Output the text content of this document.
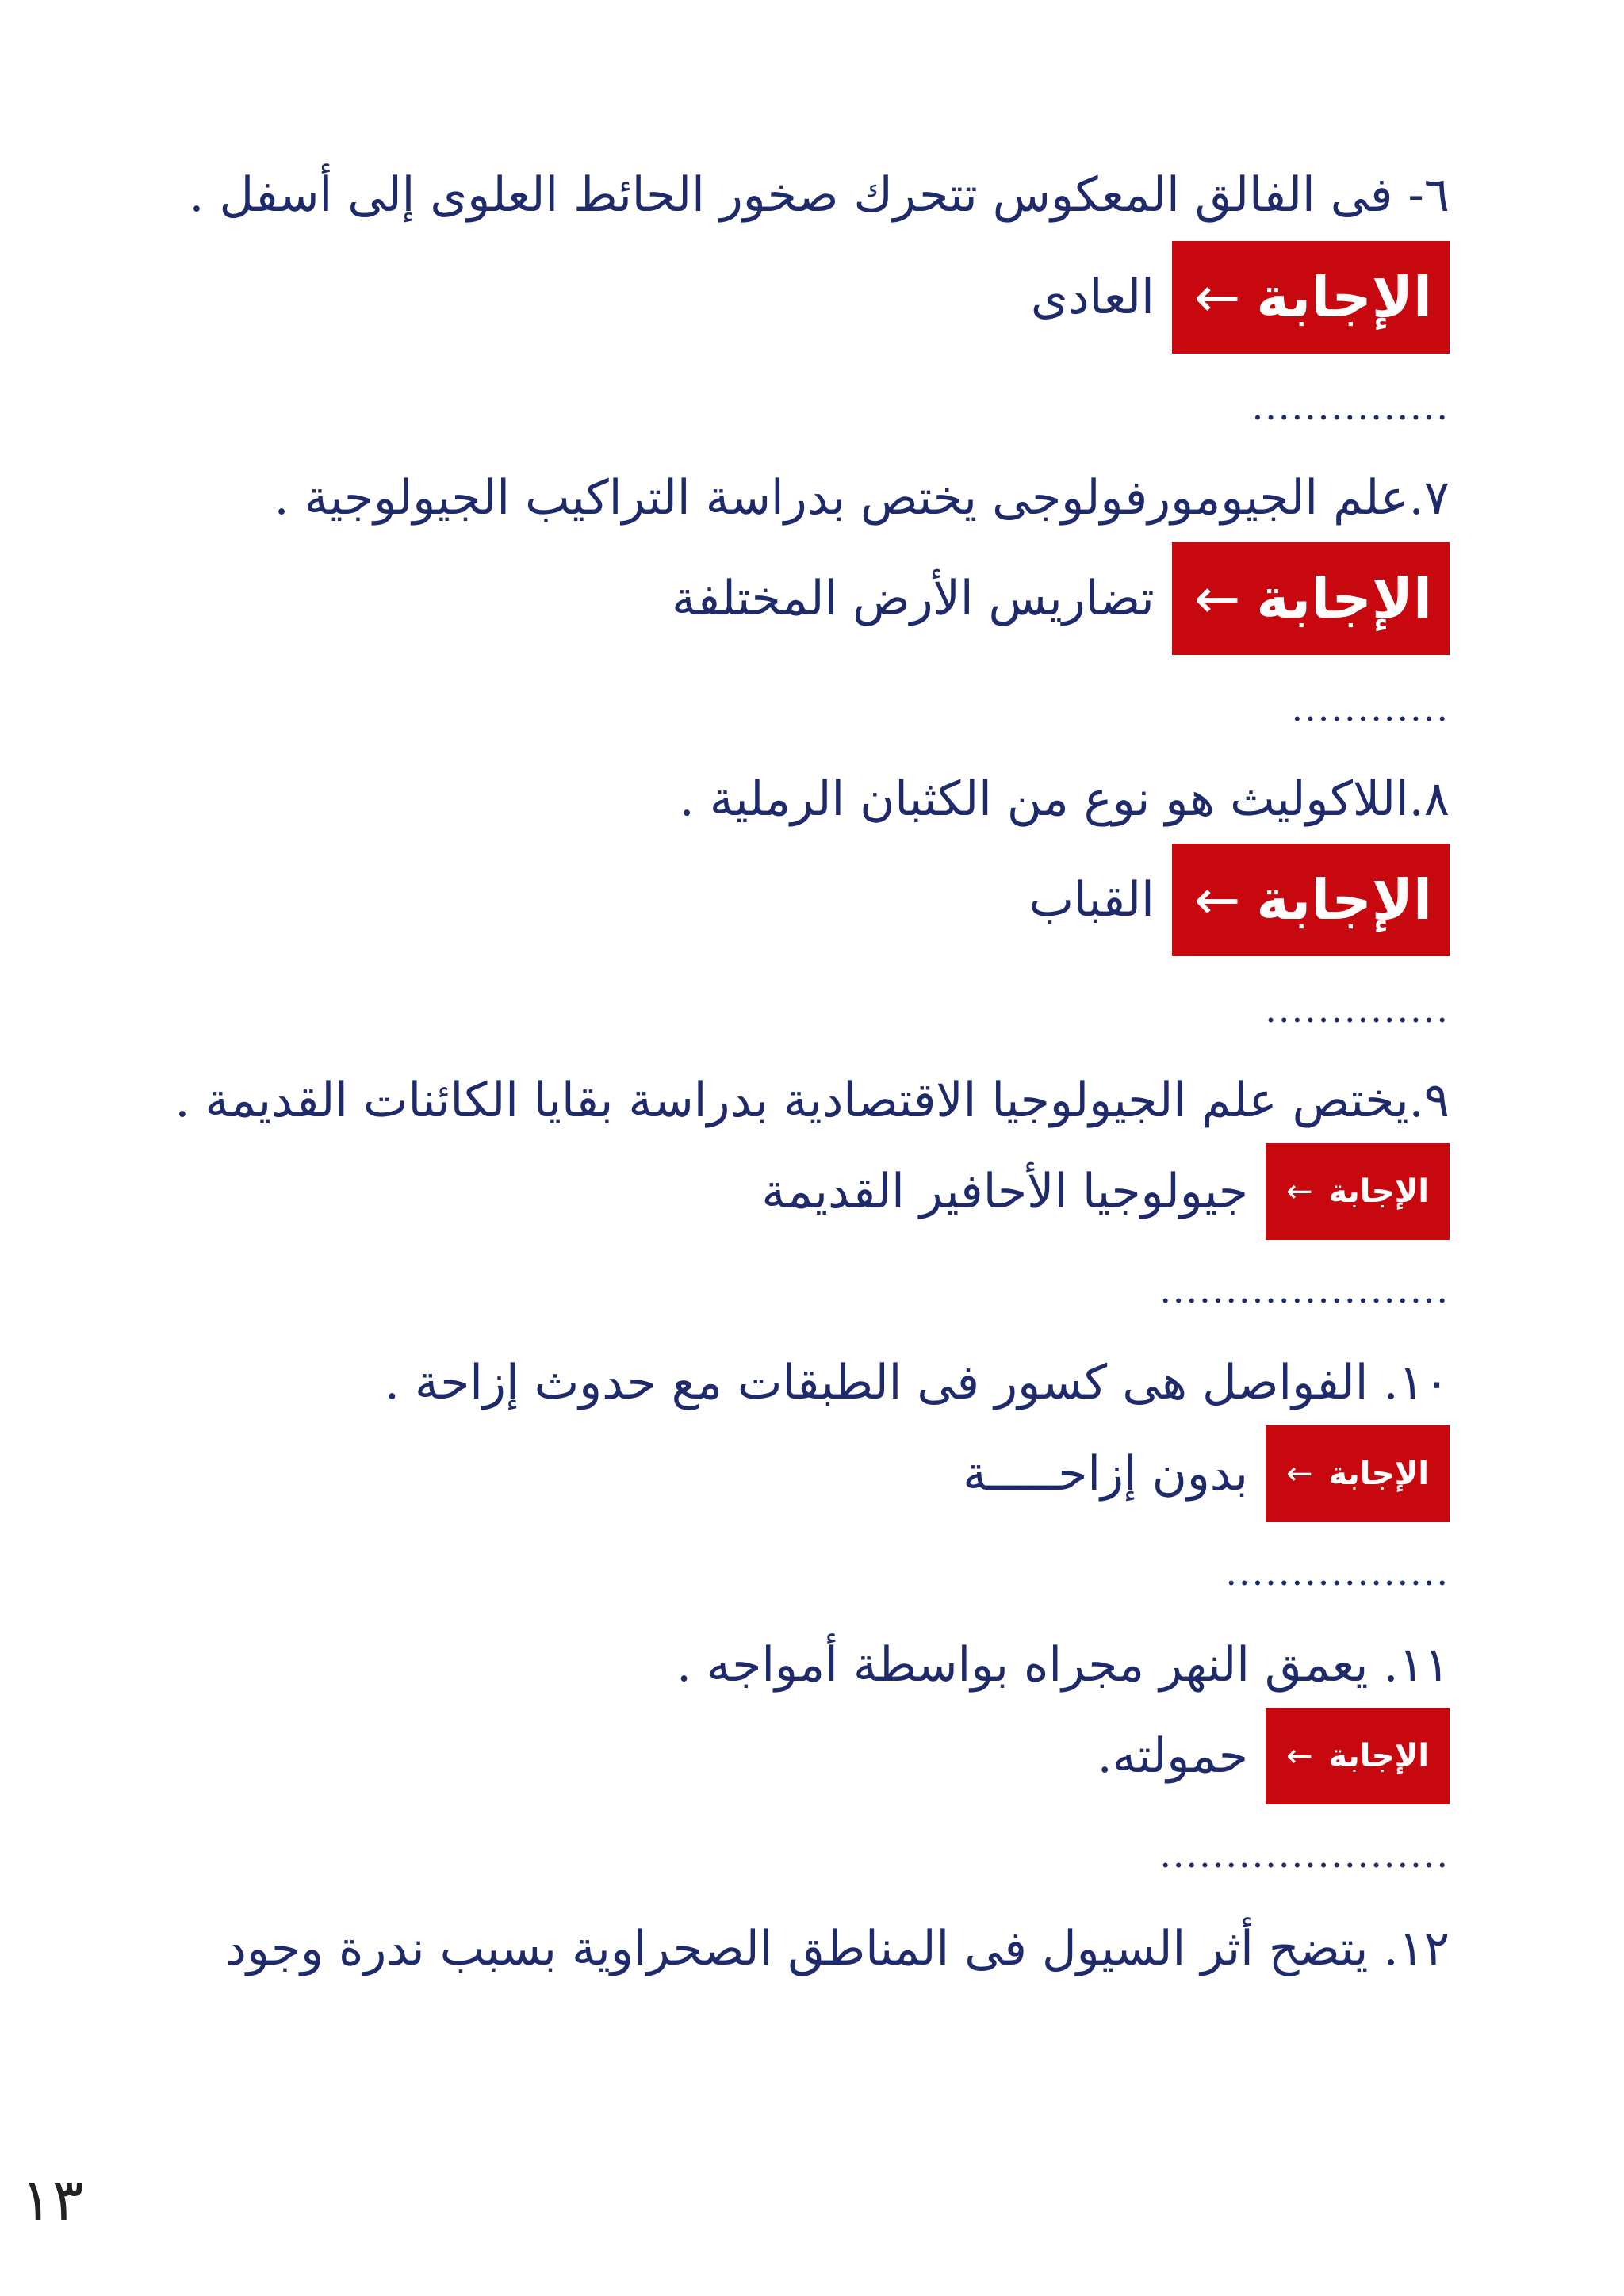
٦- فى الفالق المعكوس تتحرك صخور الحائط العلوى إلى أسفل .
الإجابة
←
العادى
...............
٧.علم الجيومورفولوجى يختص بدراسة التراكيب الجيولوجية .
الإجابة
←
تضاريس الأرض المختلفة
............
٨.اللاكوليث هو نوع من الكثبان الرملية .
الإجابة
←
القباب
..............
٩.يختص علم الجيولوجيا الاقتصادية بدراسة بقايا الكائنات القديمة .
الإجابة
←
جيولوجيا الأحافير القديمة
......................
١٠. الفواصل هى كسور فى الطبقات مع حدوث إزاحة .
الإجابة
←
بدون إزاحـــــة
.................
١١. يعمق النهر مجراه بواسطة أمواجه .
الإجابة
←
حمولته.
......................
١٢. يتضح أثر السيول فى المناطق الصحراوية بسبب ندرة وجود
١٣
